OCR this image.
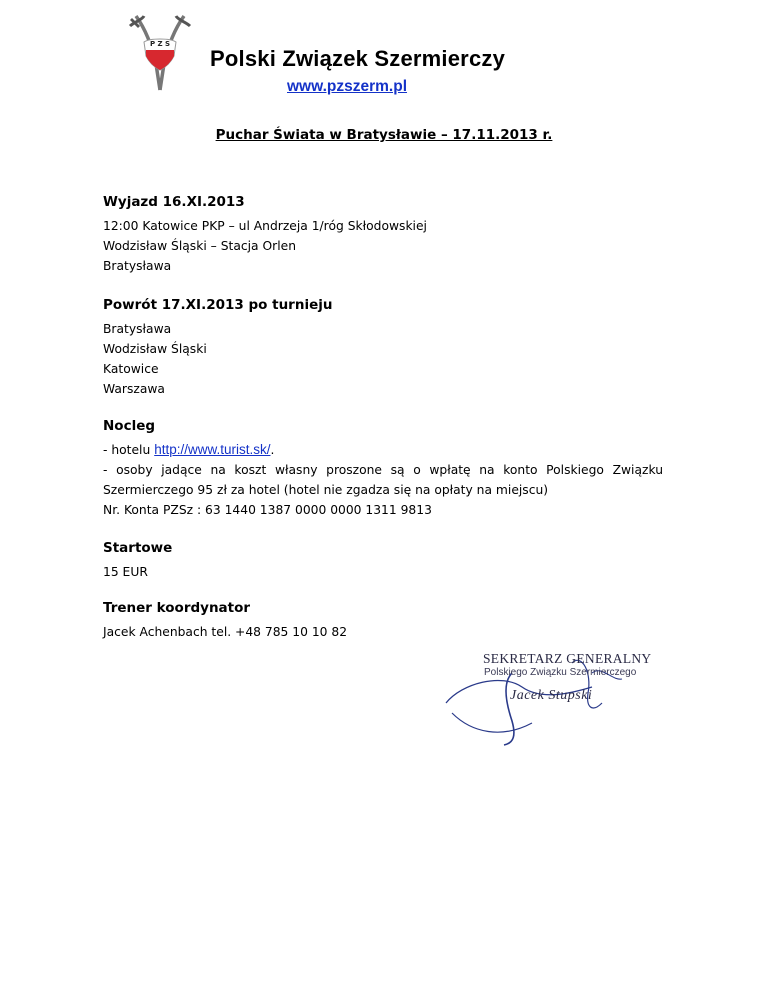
P Z S
Polski Związek Szermierczy
www.pzszerm.pl
Puchar Świata w Bratysławie – 17.11.2013 r.
Wyjazd 16.XI.2013
12:00 Katowice PKP – ul Andrzeja 1/róg Skłodowskiej
Wodzisław Śląski – Stacja Orlen
Bratysława
Powrót 17.XI.2013 po turnieju
Bratysława
Wodzisław Śląski
Katowice
Warszawa
Nocleg
- hotelu http://www.turist.sk/.
- osoby jadące na koszt własny proszone są o wpłatę na konto Polskiego Związku
Szermierczego 95 zł za hotel (hotel nie zgadza się na opłaty na miejscu)
Nr. Konta PZSz : 63 1440 1387 0000 0000 1311 9813
Startowe
15 EUR
Trener koordynator
Jacek Achenbach tel. +48 785 10 10 82
SEKRETARZ GENERALNY
Polskiego Związku Szermierczego
Jacek Stupski
